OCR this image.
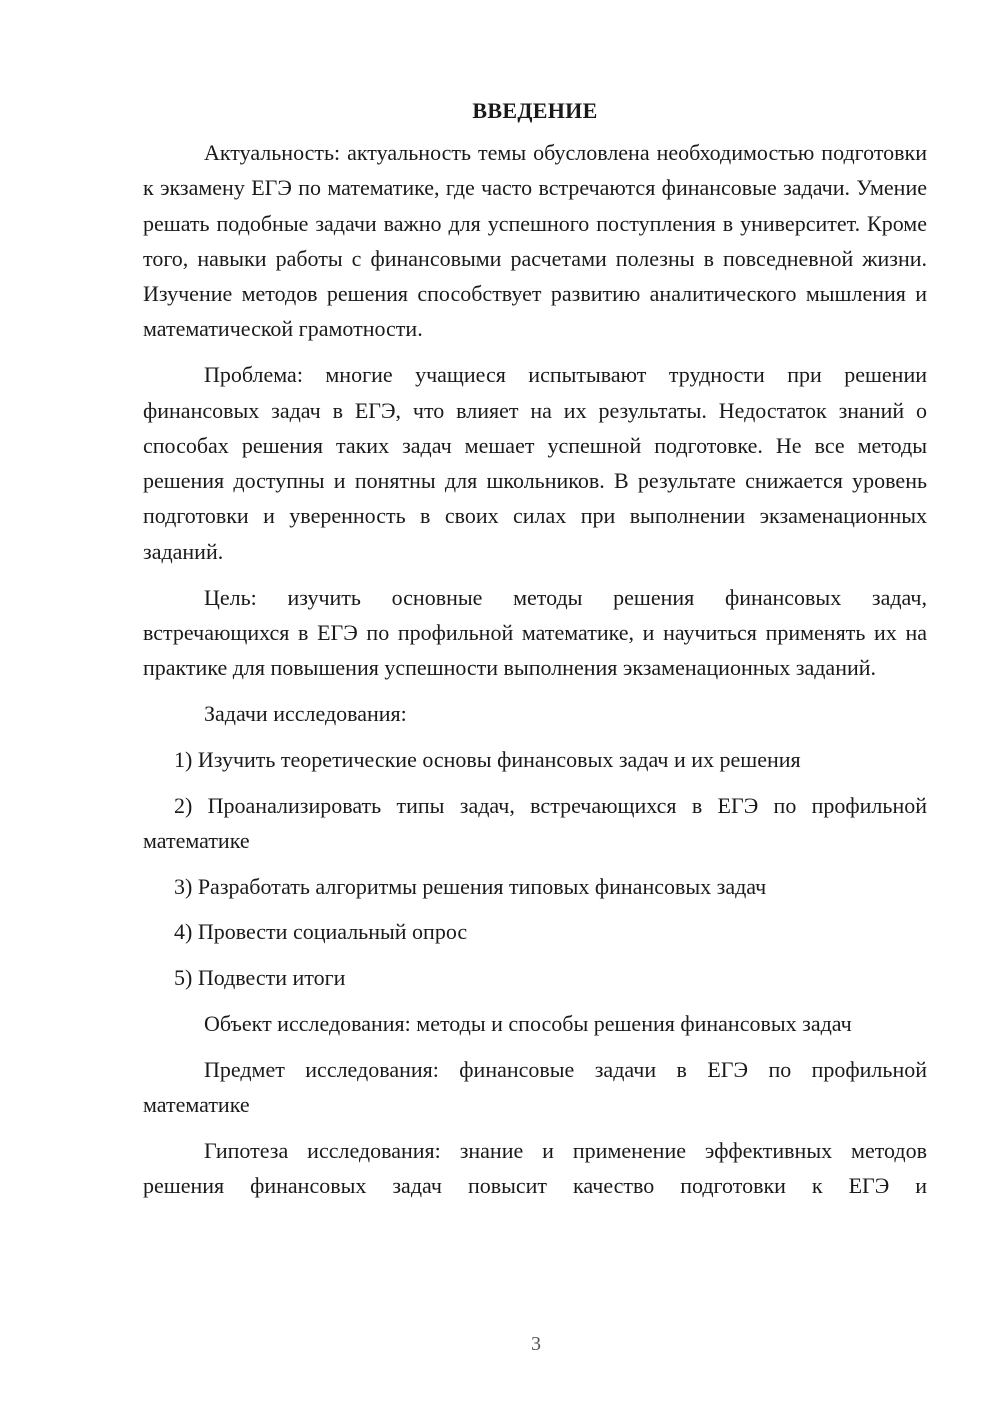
ВВЕДЕНИЕ

Актуальность: актуальность темы обусловлена необходимостью подготовки к экзамену ЕГЭ по математике, где часто встречаются финансовые задачи. Умение решать подобные задачи важно для успешного поступления в университет. Кроме того, навыки работы с финансовыми расчетами полезны в повседневной жизни. Изучение методов решения способствует развитию аналитического мышления и математической грамотности.

Проблема: многие учащиеся испытывают трудности при решении финансовых задач в ЕГЭ, что влияет на их результаты. Недостаток знаний о способах решения таких задач мешает успешной подготовке. Не все методы решения доступны и понятны для школьников. В результате снижается уровень подготовки и уверенность в своих силах при выполнении экзаменационных заданий.

Цель: изучить основные методы решения финансовых задач, встречающихся в ЕГЭ по профильной математике, и научиться применять их на практике для повышения успешности выполнения экзаменационных заданий.

Задачи исследования:

1) Изучить теоретические основы финансовых задач и их решения

2) Проанализировать типы задач, встречающихся в ЕГЭ по профильной математике

3) Разработать алгоритмы решения типовых финансовых задач

4) Провести социальный опрос

5) Подвести итоги

Объект исследования: методы и способы решения финансовых задач

Предмет исследования: финансовые задачи в ЕГЭ по профильной математике

Гипотеза исследования: знание и применение эффективных методов решения финансовых задач повысит качество подготовки к ЕГЭ и

3
